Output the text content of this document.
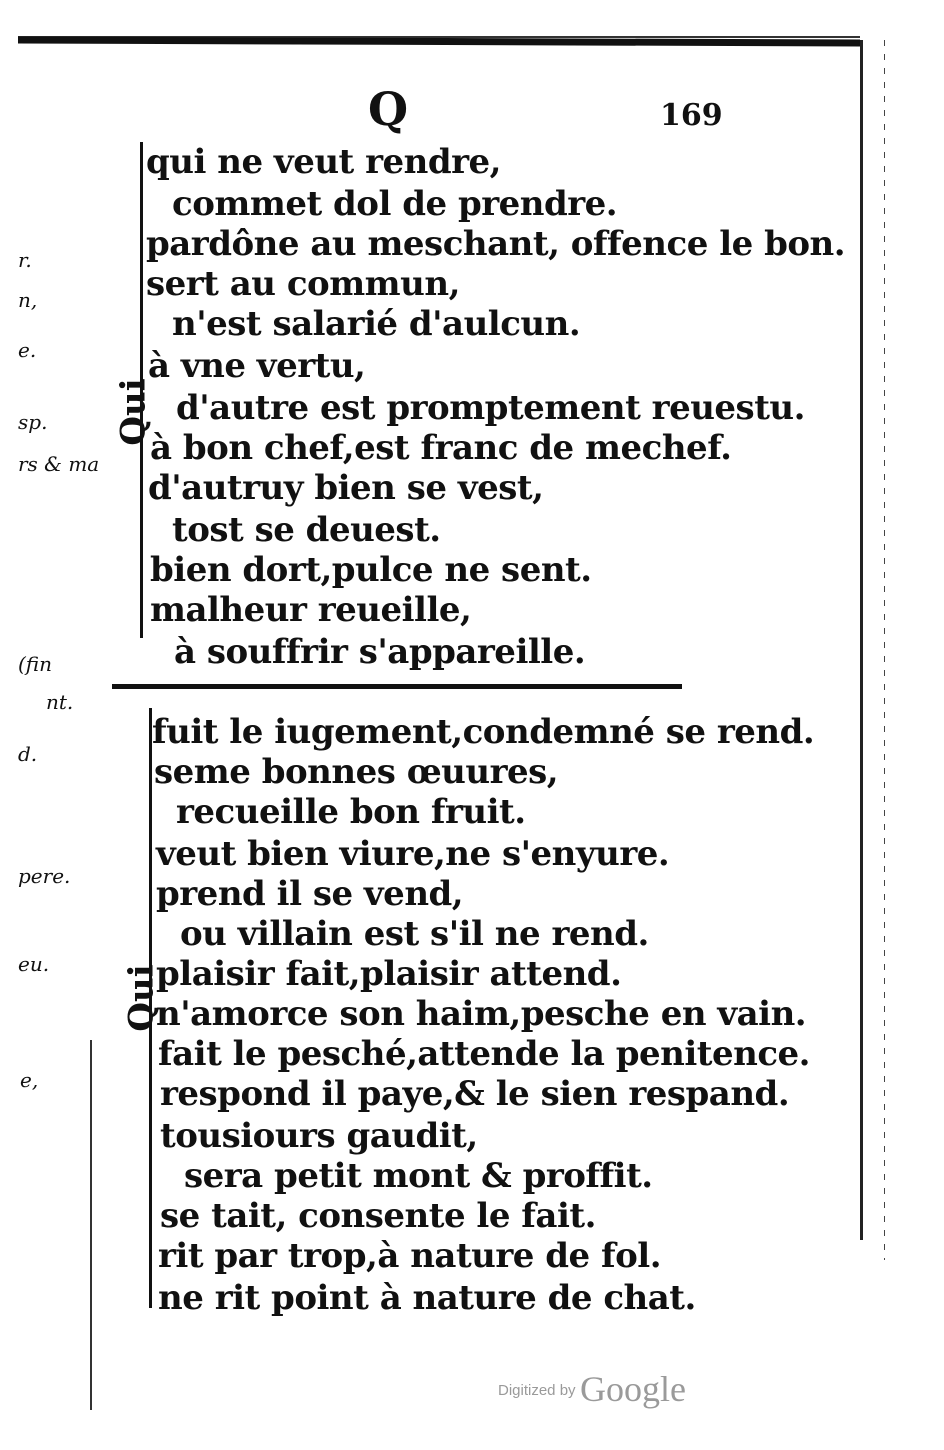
Q	169
Qui
qui ne veut rendre,
commet dol de prendre.
pardône au meschant, offence le bon.
sert au commun,
n'est salarié d'aulcun.
à vne vertu,
d'autre est promptement reuestu.
à bon chef,est franc de mechef.
d'autruy bien se vest,
tost se deuest.
bien dort,pulce ne sent.
malheur reueille,
à souffrir s'appareille.
Qui
fuit le iugement,condemné se rend.
seme bonnes œuures,
recueille bon fruit.
veut bien viure,ne s'enyure.
prend il se vend,
ou villain est s'il ne rend.
plaisir fait,plaisir attend.
n'amorce son haim,pesche en vain.
fait le pesché,attende la penitence.
respond il paye,& le sien respand.
tousiours gaudit,
sera petit mont & proffit.
se tait, consente le fait.
rit par trop,à nature de fol.
ne rit point à nature de chat.
r.
n,
e.
sp.
rs & ma
(fin
nt.
d.
pere.
eu.
e,
Digitized by Google
